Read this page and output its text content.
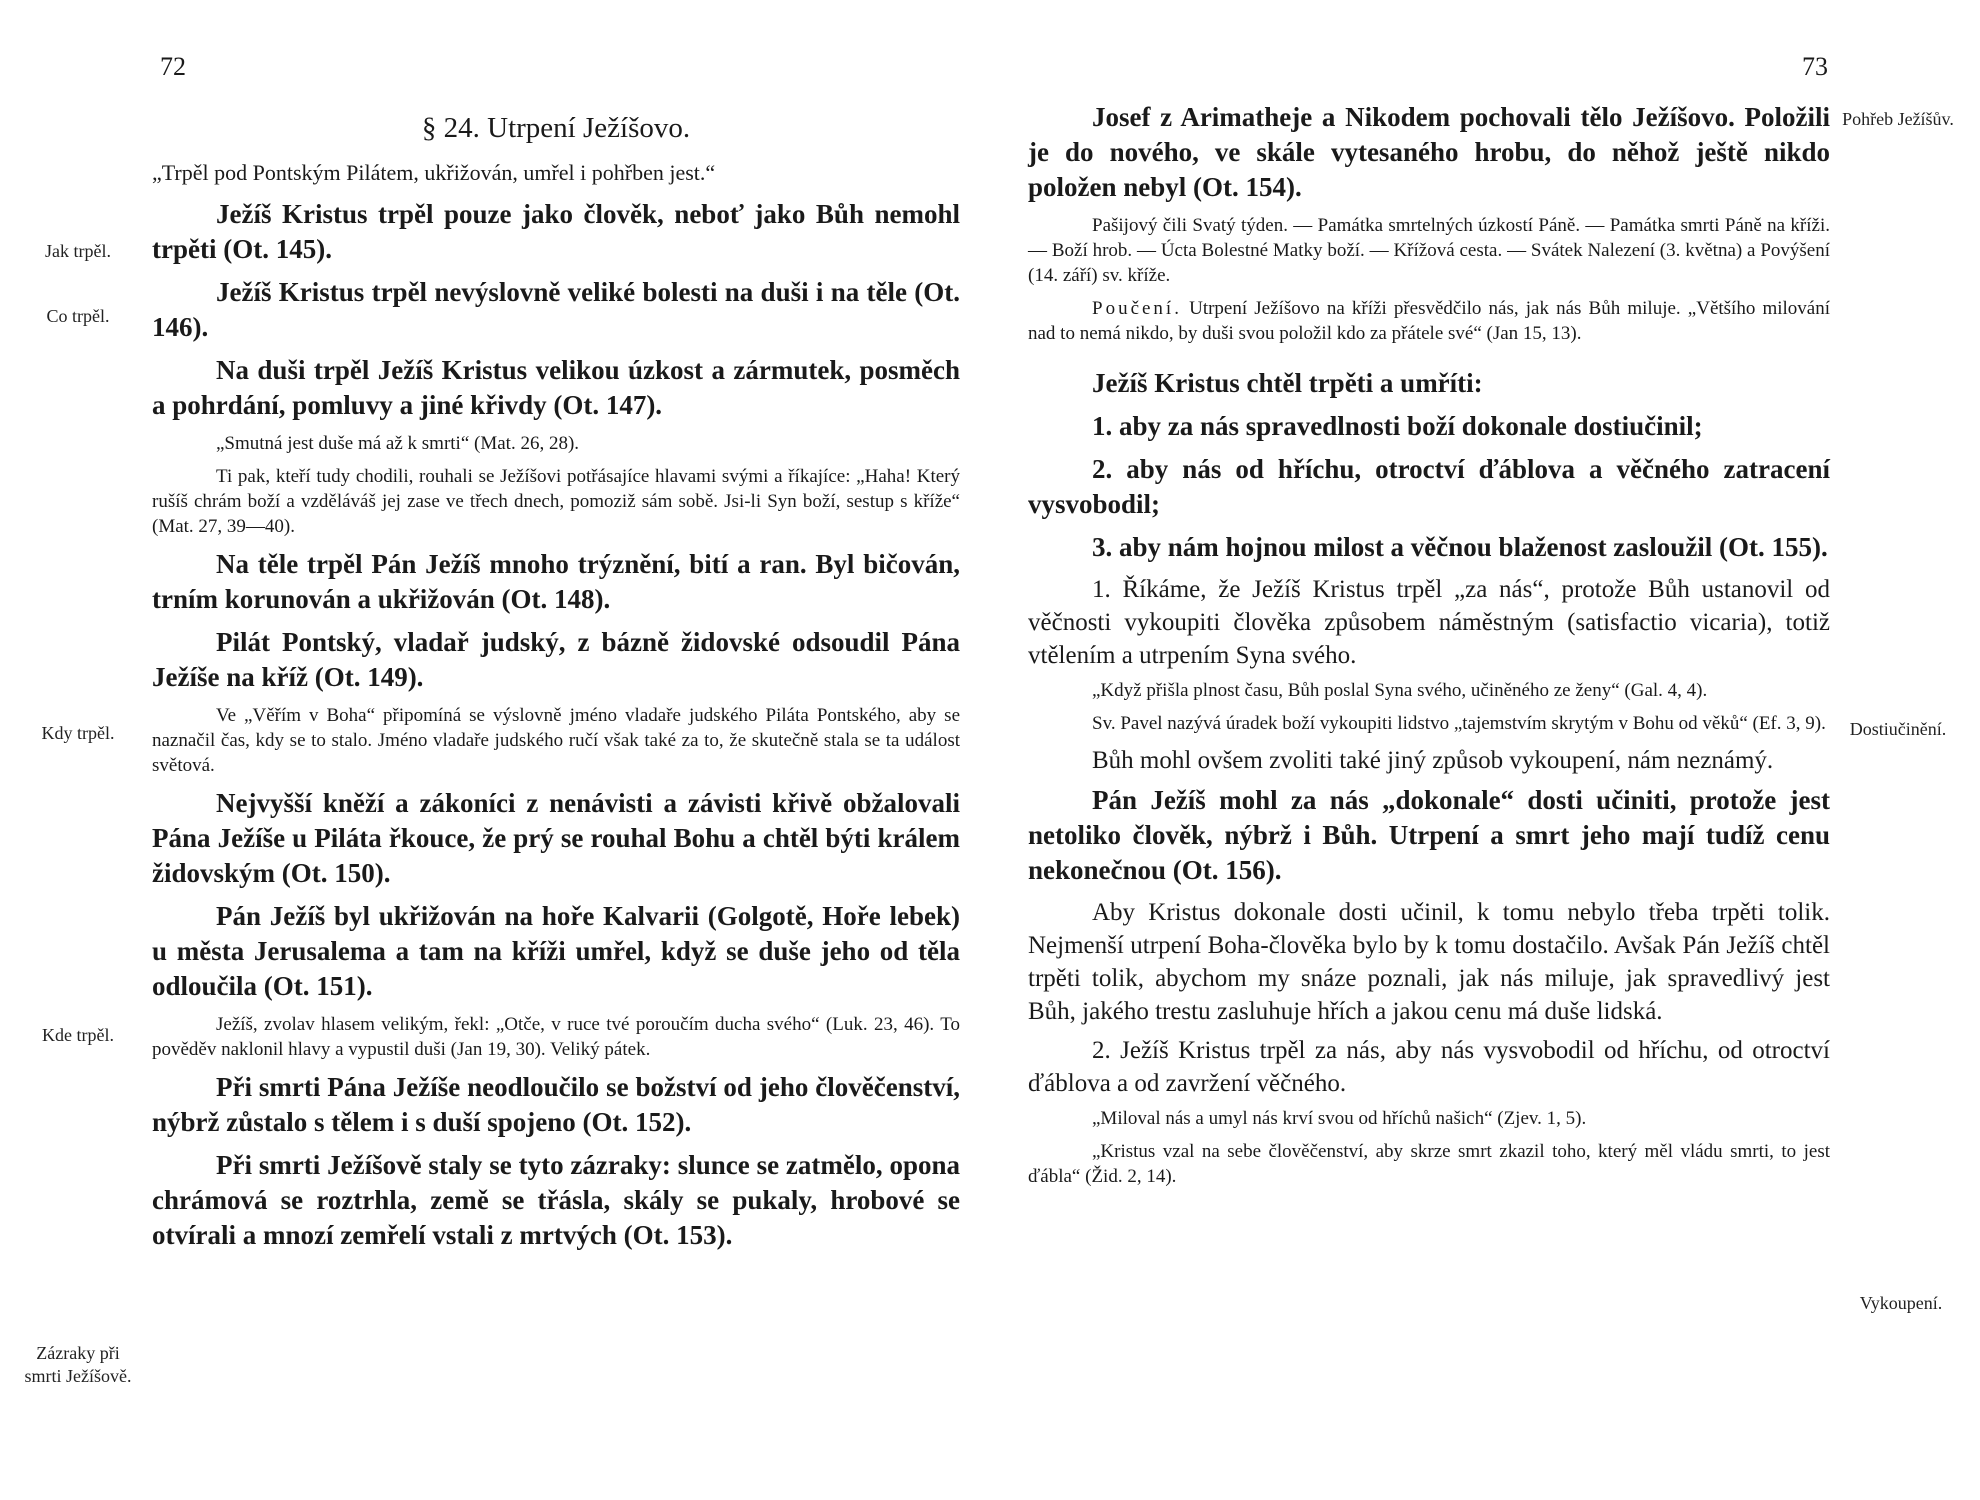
72
Jak trpěl.
Co trpěl.
Kdy trpěl.
Kde trpěl.
Zázraky při smrti Ježíšově.
§ 24. Utrpení Ježíšovo.

„Trpěl pod Pontským Pilátem, ukřižován, umřel i pohřben jest.“

Ježíš Kristus trpěl pouze jako člověk, neboť jako Bůh nemohl trpěti (Ot. 145).

Ježíš Kristus trpěl nevýslovně veliké bolesti na duši i na těle (Ot. 146).

Na duši trpěl Ježíš Kristus velikou úzkost a zármutek, posměch a pohrdání, pomluvy a jiné křivdy (Ot. 147).

„Smutná jest duše má až k smrti“ (Mat. 26, 28).

Ti pak, kteří tudy chodili, rouhali se Ježíšovi potřásajíce hlavami svými a říkajíce: „Haha! Který rušíš chrám boží a vzděláváš jej zase ve třech dnech, pomoziž sám sobě. Jsi-li Syn boží, sestup s kříže“ (Mat. 27, 39—40).

Na těle trpěl Pán Ježíš mnoho trýznění, bití a ran. Byl bičován, trním korunován a ukřižován (Ot. 148).

Pilát Pontský, vladař judský, z bázně židovské odsoudil Pána Ježíše na kříž (Ot. 149).

Ve „Věřím v Boha“ připomíná se výslovně jméno vladaře judského Piláta Pontského, aby se naznačil čas, kdy se to stalo. Jméno vladaře judského ručí však také za to, že skutečně stala se ta událost světová.

Nejvyšší kněží a zákoníci z nenávisti a závisti křivě obžalovali Pána Ježíše u Piláta řkouce, že prý se rouhal Bohu a chtěl býti králem židovským (Ot. 150).

Pán Ježíš byl ukřižován na hoře Kalvarii (Golgotě, Hoře lebek) u města Jerusalema a tam na kříži umřel, když se duše jeho od těla odloučila (Ot. 151).

Ježíš, zvolav hlasem velikým, řekl: „Otče, v ruce tvé poroučím ducha svého“ (Luk. 23, 46). To pověděv naklonil hlavy a vypustil duši (Jan 19, 30). Veliký pátek.

Při smrti Pána Ježíše neodloučilo se božství od jeho člověčenství, nýbrž zůstalo s tělem i s duší spojeno (Ot. 152).

Při smrti Ježíšově staly se tyto zázraky: slunce se zatmělo, opona chrámová se roztrhla, země se třásla, skály se pukaly, hrobové se otvírali a mnozí zemřelí vstali z mrtvých (Ot. 153).

73
Pohřeb Ježíšův.
Dostiučinění.
Vykoupení.

Josef z Arimatheje a Nikodem pochovali tělo Ježíšovo. Položili je do nového, ve skále vytesaného hrobu, do něhož ještě nikdo položen nebyl (Ot. 154).

Pašijový čili Svatý týden. — Památka smrtelných úzkostí Páně. — Památka smrti Páně na kříži. — Boží hrob. — Úcta Bolestné Matky boží. — Křížová cesta. — Svátek Nalezení (3. května) a Povýšení (14. září) sv. kříže.

Poučení. Utrpení Ježíšovo na kříži přesvědčilo nás, jak nás Bůh miluje. „Většího milování nad to nemá nikdo, by duši svou položil kdo za přátele své“ (Jan 15, 13).

Ježíš Kristus chtěl trpěti a umříti:

1. aby za nás spravedlnosti boží dokonale dostiučinil;

2. aby nás od hříchu, otroctví ďáblova a věčného zatracení vysvobodil;

3. aby nám hojnou milost a věčnou blaženost zasloužil (Ot. 155).

1. Říkáme, že Ježíš Kristus trpěl „za nás“, protože Bůh ustanovil od věčnosti vykoupiti člověka způsobem náměstným (satisfactio vicaria), totiž vtělením a utrpením Syna svého.

„Když přišla plnost času, Bůh poslal Syna svého, učiněného ze ženy“ (Gal. 4, 4).

Sv. Pavel nazývá úradek boží vykoupiti lidstvo „tajemstvím skrytým v Bohu od věků“ (Ef. 3, 9).

Bůh mohl ovšem zvoliti také jiný způsob vykoupení, nám neznámý.

Pán Ježíš mohl za nás „dokonale“ dosti učiniti, protože jest netoliko člověk, nýbrž i Bůh. Utrpení a smrt jeho mají tudíž cenu nekonečnou (Ot. 156).

Aby Kristus dokonale dosti učinil, k tomu nebylo třeba trpěti tolik. Nejmenší utrpení Boha-člověka bylo by k tomu dostačilo. Avšak Pán Ježíš chtěl trpěti tolik, abychom my snáze poznali, jak nás miluje, jak spravedlivý jest Bůh, jakého trestu zasluhuje hřích a jakou cenu má duše lidská.

2. Ježíš Kristus trpěl za nás, aby nás vysvobodil od hříchu, od otroctví ďáblova a od zavržení věčného.

„Miloval nás a umyl nás krví svou od hříchů našich“ (Zjev. 1, 5).

„Kristus vzal na sebe člověčenství, aby skrze smrt zkazil toho, který měl vládu smrti, to jest ďábla“ (Žid. 2, 14).
